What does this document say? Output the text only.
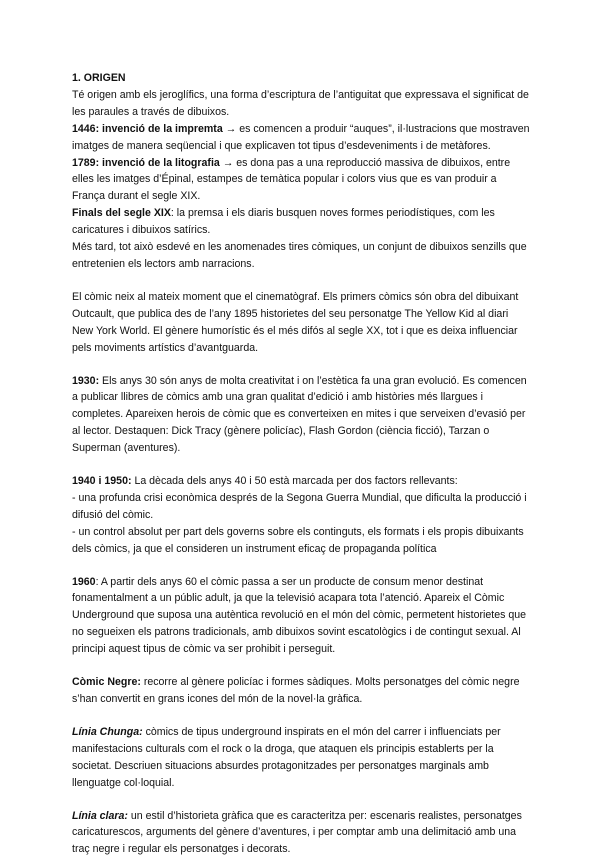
1. ORIGEN

Té origen amb els jeroglífics, una forma d’escriptura de l’antiguitat que expressava el significat de les paraules a través de dibuixos.

1446: invenció de la impremta → es comencen a produir “auques”, il·lustracions que mostraven imatges de manera seqüencial i que explicaven tot tipus d’esdeveniments i de metàfores.

1789: invenció de la litografia → es dona pas a una reproducció massiva de dibuixos, entre elles les imatges d’Épinal, estampes de temàtica popular i colors vius que es van produir a França durant el segle XIX.

Finals del segle XIX: la premsa i els diaris busquen noves formes periodístiques, com les caricatures i dibuixos satírics.

Més tard, tot això esdevé en les anomenades tires còmiques, un conjunt de dibuixos senzills que entretenien els lectors amb narracions.

El còmic neix al mateix moment que el cinematògraf. Els primers còmics són obra del dibuixant Outcault, que publica des de l’any 1895 historietes del seu personatge The Yellow Kid al diari New York World. El gènere humorístic és el més difós al segle XX, tot i que es deixa influenciar pels moviments artístics d’avantguarda.

1930: Els anys 30 són anys de molta creativitat i on l’estètica fa una gran evolució. Es comencen a publicar llibres de còmics amb una gran qualitat d’edició i amb històries més llargues i completes. Apareixen herois de còmic que es converteixen en mites i que serveixen d’evasió per al lector. Destaquen: Dick Tracy (gènere policíac), Flash Gordon (ciència ficció), Tarzan o Superman (aventures).

1940 i 1950: La dècada dels anys 40 i 50 està marcada per dos factors rellevants:

- una profunda crisi econòmica després de la Segona Guerra Mundial, que dificulta la producció i difusió del còmic.

- un control absolut per part dels governs sobre els continguts, els formats i els propis dibuixants dels còmics, ja que el consideren un instrument eficaç de propaganda política

1960: A partir dels anys 60 el còmic passa a ser un producte de consum menor destinat fonamentalment a un públic adult, ja que la televisió acapara tota l’atenció. Apareix el Còmic Underground que suposa una autèntica revolució en el món del còmic, permetent historietes que no segueixen els patrons tradicionals, amb dibuixos sovint escatològics i de contingut sexual. Al principi aquest tipus de còmic va ser prohibit i perseguit.

Còmic Negre: recorre al gènere policíac i formes sàdiques. Molts personatges del còmic negre s’han convertit en grans icones del món de la novel·la gràfica.

Línia Chunga: còmics de tipus underground inspirats en el món del carrer i influenciats per manifestacions culturals com el rock o la droga, que ataquen els principis establerts per la societat. Descriuen situacions absurdes protagonitzades per personatges marginals amb llenguatge col·loquial.

Línia clara: un estil d’historieta gràfica que es caracteritza per: escenaris realistes, personatges caricaturescos, arguments del gènere d’aventures, i per comptar amb una delimitació amb una traç negre i regular els personatges i decorats.
